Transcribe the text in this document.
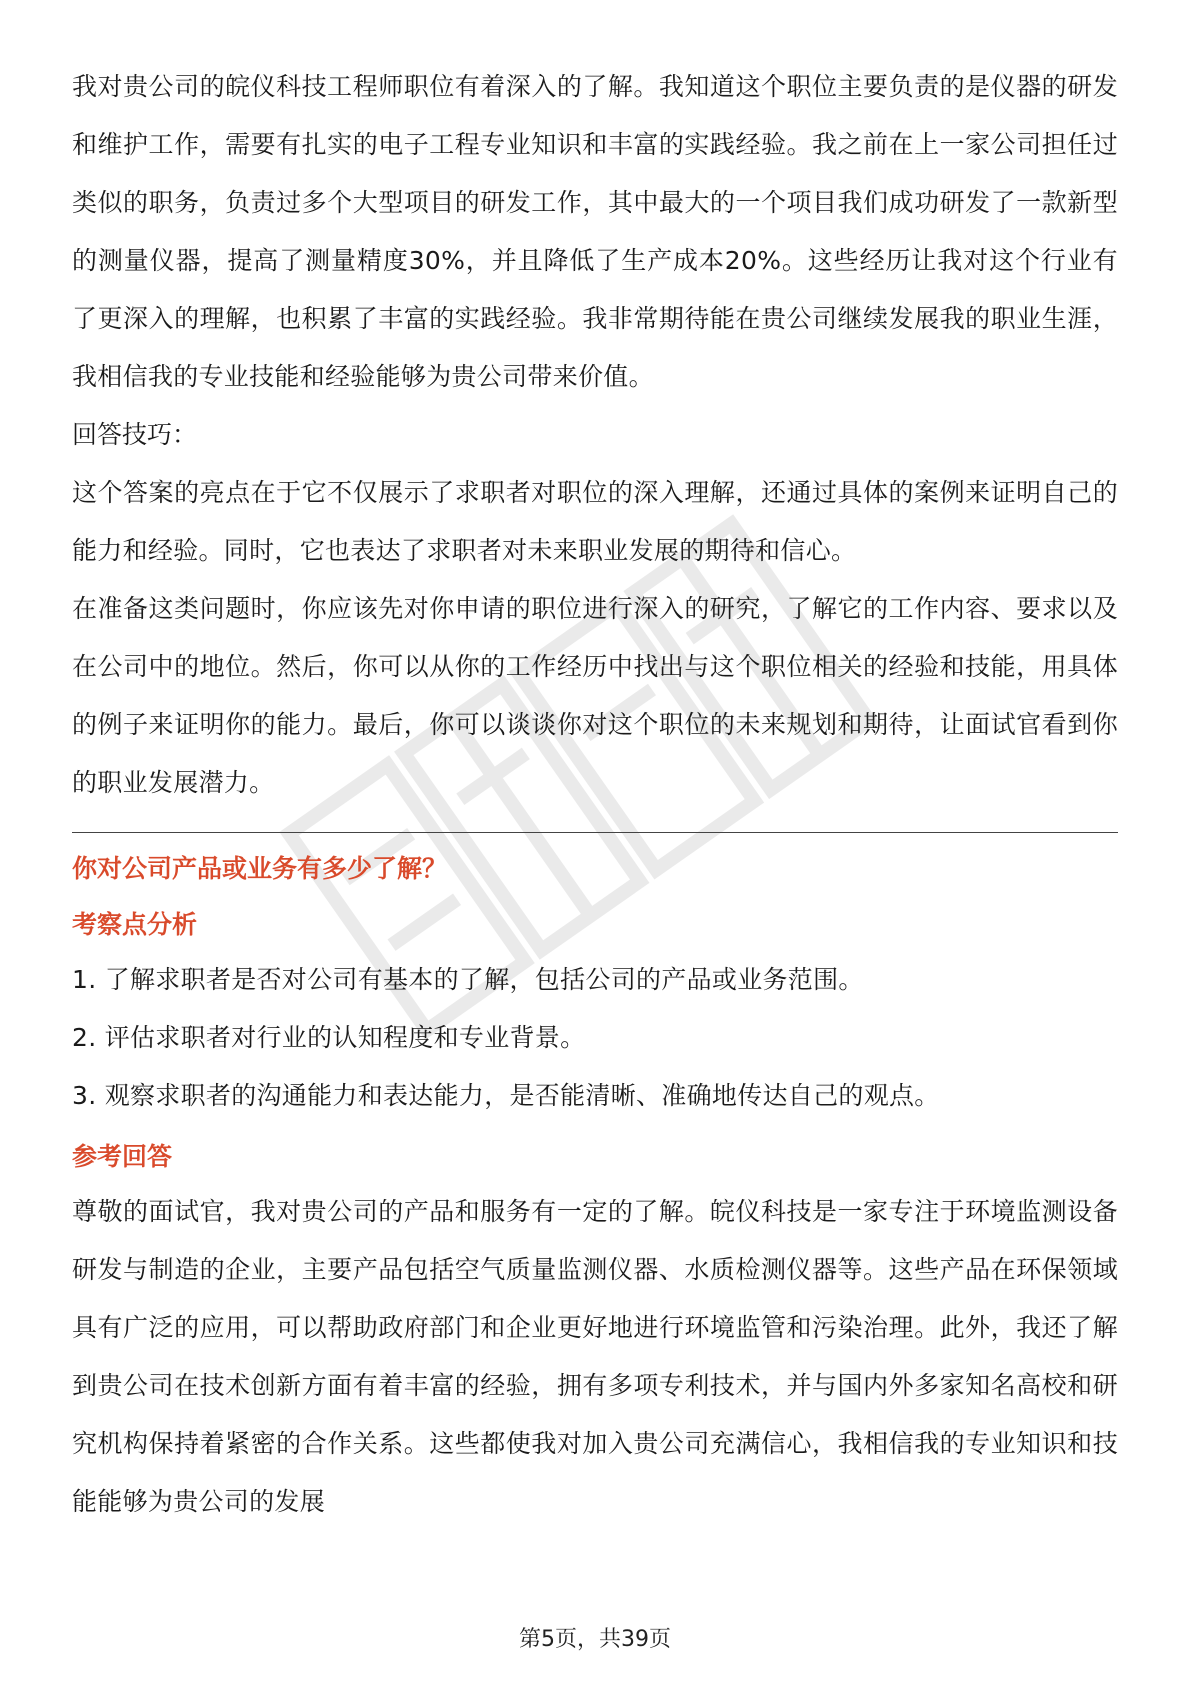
我对贵公司的皖仪科技工程师职位有着深入的了解。我知道这个职位主要负责的是仪器的研发和维护工作，需要有扎实的电子工程专业知识和丰富的实践经验。我之前在上一家公司担任过类似的职务，负责过多个大型项目的研发工作，其中最大的一个项目我们成功研发了一款新型的测量仪器，提高了测量精度30%，并且降低了生产成本20%。这些经历让我对这个行业有了更深入的理解，也积累了丰富的实践经验。我非常期待能在贵公司继续发展我的职业生涯，我相信我的专业技能和经验能够为贵公司带来价值。

回答技巧：

这个答案的亮点在于它不仅展示了求职者对职位的深入理解，还通过具体的案例来证明自己的能力和经验。同时，它也表达了求职者对未来职业发展的期待和信心。

在准备这类问题时，你应该先对你申请的职位进行深入的研究，了解它的工作内容、要求以及在公司中的地位。然后，你可以从你的工作经历中找出与这个职位相关的经验和技能，用具体的例子来证明你的能力。最后，你可以谈谈你对这个职位的未来规划和期待，让面试官看到你的职业发展潜力。

你对公司产品或业务有多少了解？

考察点分析

1. 了解求职者是否对公司有基本的了解，包括公司的产品或业务范围。

2. 评估求职者对行业的认知程度和专业背景。

3. 观察求职者的沟通能力和表达能力，是否能清晰、准确地传达自己的观点。

参考回答

尊敬的面试官，我对贵公司的产品和服务有一定的了解。皖仪科技是一家专注于环境监测设备研发与制造的企业，主要产品包括空气质量监测仪器、水质检测仪器等。这些产品在环保领域具有广泛的应用，可以帮助政府部门和企业更好地进行环境监管和污染治理。此外，我还了解到贵公司在技术创新方面有着丰富的经验，拥有多项专利技术，并与国内外多家知名高校和研究机构保持着紧密的合作关系。这些都使我对加入贵公司充满信心，我相信我的专业知识和技能能够为贵公司的发展

第5页，共39页
